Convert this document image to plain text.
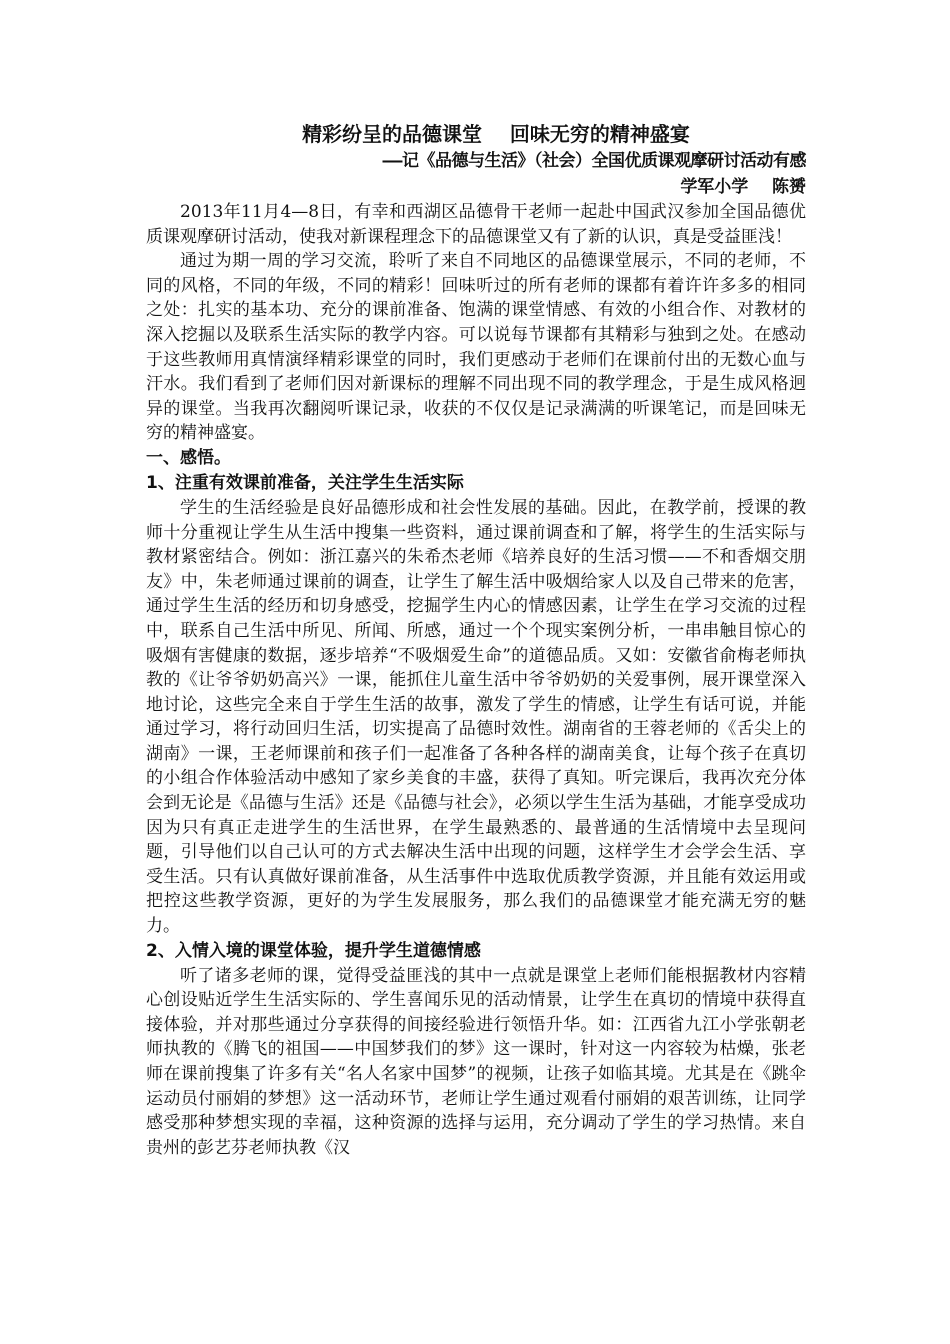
精彩纷呈的品德课堂    回味无穷的精神盛宴
——记《品德与生活》（社会）全国优质课观摩研讨活动有感
学军小学    陈赟

2013年11月4—8日，有幸和西湖区品德骨干老师一起赴中国武汉参加全国品德优质课观摩研讨活动，使我对新课程理念下的品德课堂又有了新的认识，真是受益匪浅！

通过为期一周的学习交流，聆听了来自不同地区的品德课堂展示，不同的老师，不同的风格，不同的年级，不同的精彩！回味听过的所有老师的课都有着许许多多的相同之处：扎实的基本功、充分的课前准备、饱满的课堂情感、有效的小组合作、对教材的深入挖掘以及联系生活实际的教学内容。可以说每节课都有其精彩与独到之处。在感动于这些教师用真情演绎精彩课堂的同时，我们更感动于老师们在课前付出的无数心血与汗水。我们看到了老师们因对新课标的理解不同出现不同的教学理念，于是生成风格迥异的课堂。当我再次翻阅听课记录，收获的不仅仅是记录满满的听课笔记，而是回味无穷的精神盛宴。

一、感悟。
1、注重有效课前准备，关注学生生活实际

学生的生活经验是良好品德形成和社会性发展的基础。因此，在教学前，授课的教师十分重视让学生从生活中搜集一些资料，通过课前调查和了解，将学生的生活实际与教材紧密结合。例如：浙江嘉兴的朱希杰老师《培养良好的生活习惯——不和香烟交朋友》中，朱老师通过课前的调查，让学生了解生活中吸烟给家人以及自己带来的危害，通过学生生活的经历和切身感受，挖掘学生内心的情感因素，让学生在学习交流的过程中，联系自己生活中所见、所闻、所感，通过一个个现实案例分析，一串串触目惊心的吸烟有害健康的数据，逐步培养“不吸烟爱生命”的道德品质。又如：安徽省俞梅老师执教的《让爷爷奶奶高兴》一课，能抓住儿童生活中爷爷奶奶的关爱事例，展开课堂深入地讨论，这些完全来自于学生生活的故事，激发了学生的情感，让学生有话可说，并能通过学习，将行动回归生活，切实提高了品德时效性。湖南省的王蓉老师的《舌尖上的湖南》一课，王老师课前和孩子们一起准备了各种各样的湖南美食，让每个孩子在真切的小组合作体验活动中感知了家乡美食的丰盛，获得了真知。听完课后，我再次充分体会到无论是《品德与生活》还是《品德与社会》，必须以学生生活为基础，才能享受成功因为只有真正走进学生的生活世界，在学生最熟悉的、最普通的生活情境中去呈现问题，引导他们以自己认可的方式去解决生活中出现的问题，这样学生才会学会生活、享受生活。只有认真做好课前准备，从生活事件中选取优质教学资源，并且能有效运用或把控这些教学资源，更好的为学生发展服务，那么我们的品德课堂才能充满无穷的魅力。

2、入情入境的课堂体验，提升学生道德情感

听了诸多老师的课，觉得受益匪浅的其中一点就是课堂上老师们能根据教材内容精心创设贴近学生生活实际的、学生喜闻乐见的活动情景，让学生在真切的情境中获得直接体验，并对那些通过分享获得的间接经验进行领悟升华。如：江西省九江小学张朝老师执教的《腾飞的祖国——中国梦我们的梦》这一课时，针对这一内容较为枯燥，张老师在课前搜集了许多有关“名人名家中国梦”的视频，让孩子如临其境。尤其是在《跳伞运动员付丽娟的梦想》这一活动环节，老师让学生通过观看付丽娟的艰苦训练，让同学感受那种梦想实现的幸福，这种资源的选择与运用，充分调动了学生的学习热情。来自贵州的彭艺芬老师执教《汉
